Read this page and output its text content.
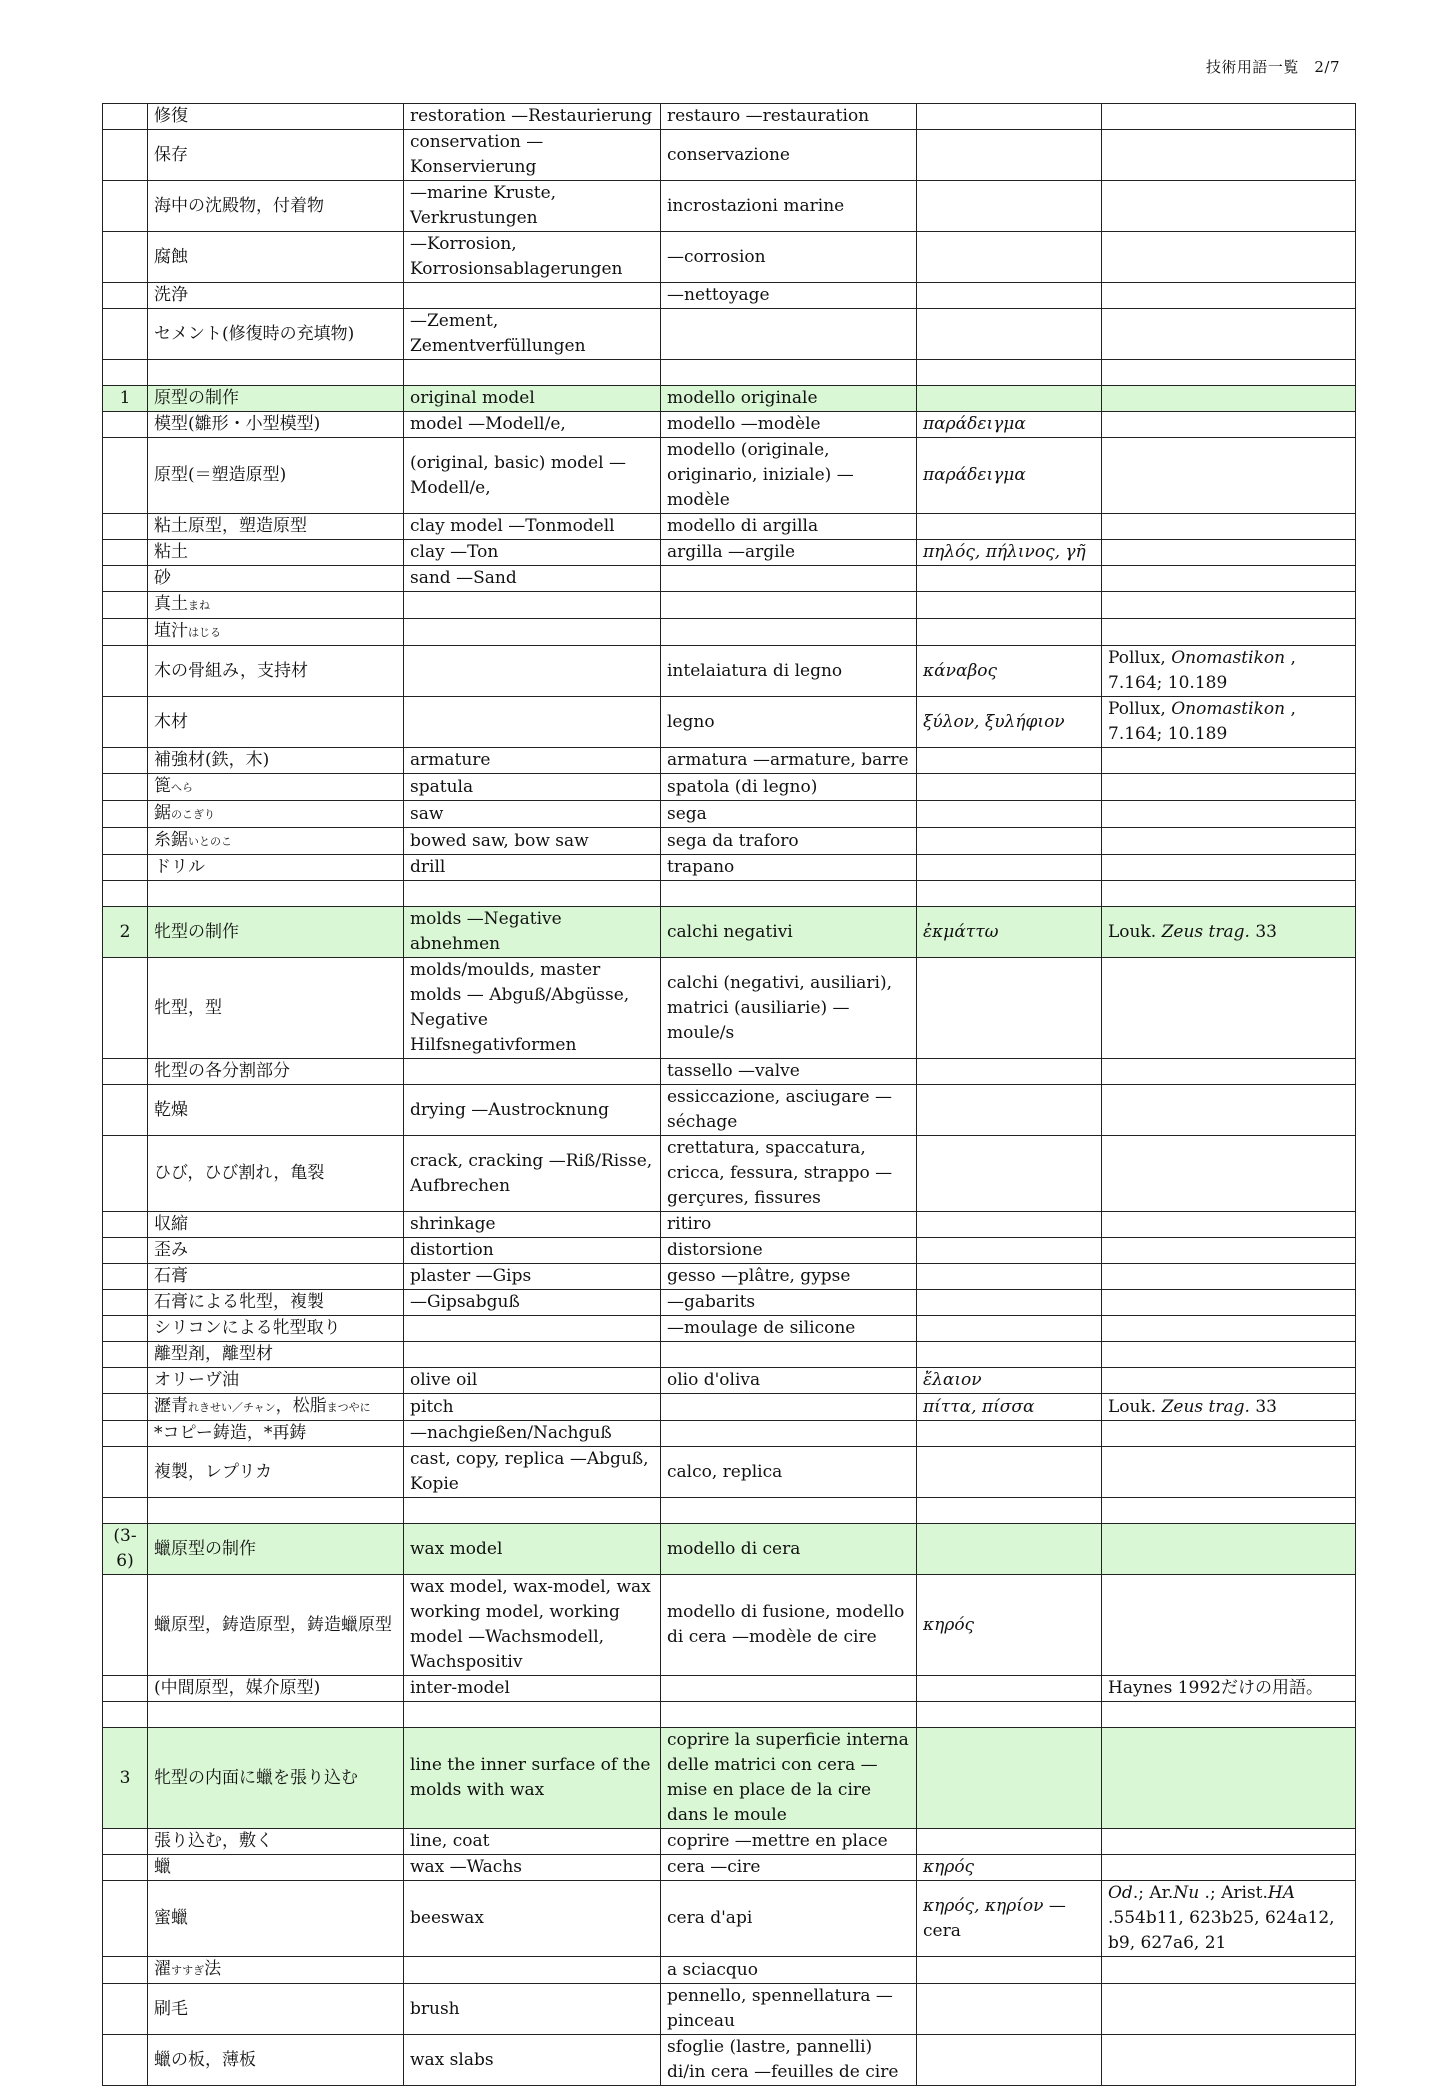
技術用語一覧　2/7
	修復	restoration —Restaurierung	restauro —restauration		
	保存	conservation —Konservierung	conservazione		
	海中の沈殿物，付着物	—marine Kruste, Verkrustungen	incrostazioni marine		
	腐蝕	—Korrosion, Korrosionsablagerungen	—corrosion		
	洗浄		—nettoyage		
	セメント(修復時の充填物)	—Zement, Zementverfüllungen			

1	原型の制作	original model	modello originale		
	模型(雛形・小型模型)	model —Modell/e,	modello —modèle	παράδειγμα	
	原型(＝塑造原型)	(original, basic) model — Modell/e,	modello (originale, originario, iniziale) —modèle	παράδειγμα	
	粘土原型，塑造原型	clay model —Tonmodell	modello di argilla		
	粘土	clay —Ton	argilla —argile	πηλός, πήλινος, γῆ	
	砂	sand —Sand			
	真土まね				
	埴汁はじる				
	木の骨組み，支持材		intelaiatura di legno	κάναβος	Pollux, Onomastikon , 7.164; 10.189
	木材		legno	ξύλον, ξυλήφιον	Pollux, Onomastikon , 7.164; 10.189
	補強材(鉄，木)	armature	armatura —armature, barre		
	篦へら	spatula	spatola (di legno)		
	鋸のこぎり	saw	sega		
	糸鋸いとのこ	bowed saw, bow saw	sega da traforo		
	ドリル	drill	trapano		

2	牝型の制作	molds —Negative abnehmen	calchi negativi	ἐκμάττω	Louk. Zeus trag. 33
	牝型，型	molds/moulds, master molds — Abguß/Abgüsse, Negative Hilfsnegativformen	calchi (negativi, ausiliari), matrici (ausiliarie) —moule/s		
	牝型の各分割部分		tassello —valve		
	乾燥	drying —Austrocknung	essiccazione, asciugare —séchage		
	ひび，ひび割れ，亀裂	crack, cracking —Riß/Risse, Aufbrechen	crettatura, spaccatura, cricca, fessura, strappo —gerçures, fissures		
	収縮	shrinkage	ritiro		
	歪み	distortion	distorsione		
	石膏	plaster —Gips	gesso —plâtre, gypse		
	石膏による牝型，複製	—Gipsabguß	—gabarits		
	シリコンによる牝型取り		—moulage de silicone		
	離型剤，離型材				
	オリーヴ油	olive oil	olio d'oliva	ἔλαιον	
	瀝青れきせい／チャン，松脂まつやに	pitch		πίττα, πίσσα	Louk. Zeus trag. 33
	*コピー鋳造，*再鋳	—nachgießen/Nachguß			
	複製，レプリカ	cast, copy, replica —Abguß, Kopie	calco, replica		

(3-6)	蠟原型の制作	wax model	modello di cera		
	蠟原型，鋳造原型，鋳造蠟原型	wax model, wax-model, wax working model, working model —Wachsmodell, Wachspositiv	modello di fusione, modello di cera —modèle de cire	κηρός	
	(中間原型，媒介原型)	inter-model			Haynes 1992だけの用語。

3	牝型の内面に蠟を張り込む	line the inner surface of the molds with wax	coprire la superficie interna delle matrici con cera —mise en place de la cire dans le moule		
	張り込む，敷く	line, coat	coprire —mettre en place		
	蠟	wax —Wachs	cera —cire	κηρός	
	蜜蠟	beeswax	cera d'api	κηρός, κηρίον —cera	Od.; Ar.Nu .; Arist.HA .554b11, 623b25, 624a12, b9, 627a6, 21
	濯すすぎ法		a sciacquo		
	刷毛	brush	pennello, spennellatura — pinceau		
	蠟の板，薄板	wax slabs	sfoglie (lastre, pannelli) di/in cera —feuilles de cire		
